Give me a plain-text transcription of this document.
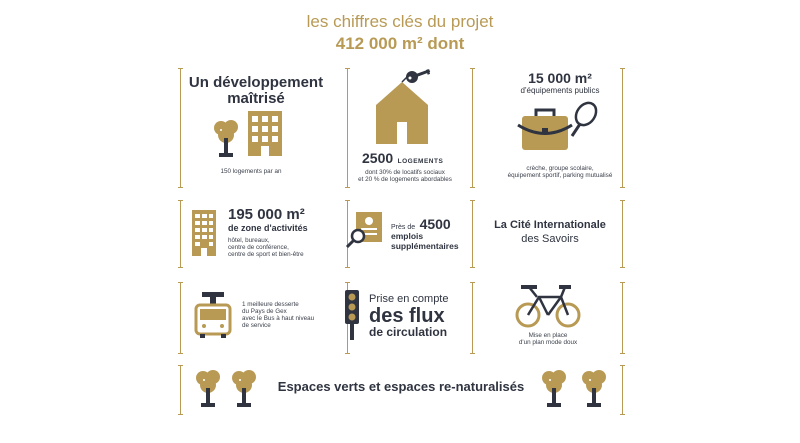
les chiffres clés du projet
412 000 m² dont
Un développement
maîtrisé
150 logements par an
2500 LOGEMENTS
dont 30% de locatifs sociaux
et 20 % de logements abordables
15 000 m²
d'équipements publics
crèche, groupe scolaire,
équipement sportif, parking mutualisé
195 000 m²
de zone d'activités
hôtel, bureaux,
centre de conférence,
centre de sport et bien-être
Près de 4500
emplois
supplémentaires
La Cité Internationale
des Savoirs
1 meilleure desserte
du Pays de Gex
avec le Bus à haut niveau
de service
Prise en compte
des flux
de circulation	Mise en place
d'un plan mode doux
Espaces verts et espaces re-naturalisés
